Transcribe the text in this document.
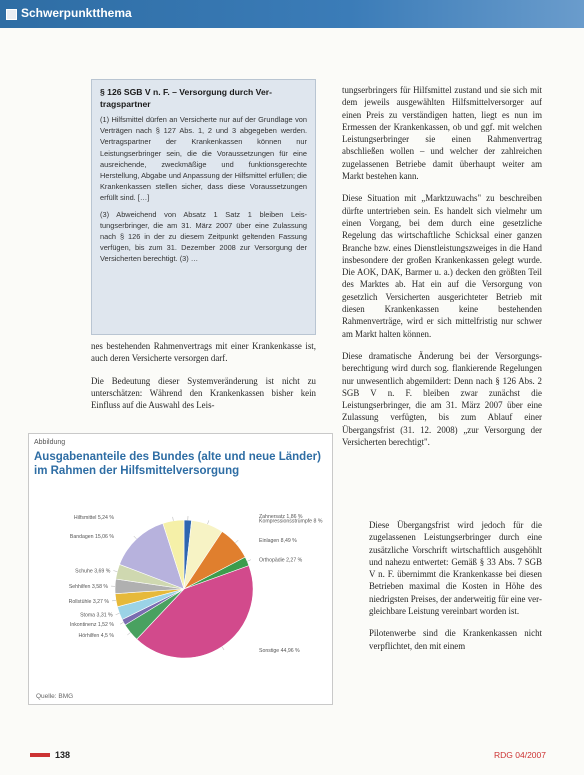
Schwerpunktthema
§ 126 SGB V n. F. – Versorgung durch Vertragspartner

(1) Hilfsmittel dürfen an Versicherte nur auf der Grundlage von Verträgen nach § 127 Abs. 1, 2 und 3 abgegeben werden. Vertragspartner der Krankenkassen können nur Leistungserbringer sein, die die Voraussetzungen für eine ausreichende, zweckmäßige und funktionsgerechte Herstellung, Abgabe und Anpassung der Hilfsmittel erfüllen; die Krankenkassen stellen sicher, dass diese Voraussetzungen erfüllt sind. […]

(3) Abweichend von Absatz 1 Satz 1 bleiben Leistungserbringer, die am 31. März 2007 über eine Zulassung nach § 126 in der zu diesem Zeitpunkt geltenden Fassung verfügen, bis zum 31. Dezember 2008 zur Versorgung der Versicherten berechtigt. (3) …

nes bestehenden Rahmenvertrags mit einer Krankenkasse ist, auch deren Versicherte versorgen darf.

Die Bedeutung dieser Systemveränderung ist nicht zu unterschätzen: Während den Krankenkassen bisher kein Einfluss auf die Auswahl des Leis-

tungserbringers für Hilfsmittel zustand und sie sich mit dem jeweils ausgewählten Hilfsmittelversorger auf einen Preis zu verständigen hatten, liegt es nun im Ermessen der Krankenkassen, ob und ggf. mit welchen Leistungserbringer sie einen Rahmenvertrag abschließen wollen – und welcher der zahlreichen zugelassenen Betriebe damit überhaupt weiter am Markt bestehen kann.

Diese Situation mit „Marktzuwachs" zu beschreiben dürfte untertrieben sein. Es handelt sich vielmehr um einen Vorgang, bei dem durch eine gesetzliche Regelung das wirtschaftliche Schicksal einer ganzen Branche bzw. eines Dienstleistungszweiges in die Hand insbesondere der großen Krankenkassen gelegt wurde. Die AOK, DAK, Barmer u. a.) decken den größten Teil des Marktes ab. Hat ein auf die Versorgung von gesetzlich Versicherten ausgerichteter Betrieb mit diesen Krankenkassen keine bestehenden Rahmenverträge, wird er sich mittelfristig nur schwer am Markt halten können.

Diese dramatische Änderung bei der Versorgungsberechtigung wird durch sog. flankierende Regelungen nur unwesentlich abgemildert: Denn nach § 126 Abs. 2 SGB V n. F. bleiben zwar zunächst die Leistungserbringer, die am 31. März 2007 über eine Zulassung verfügten, bis zum Ablauf einer Übergangsfrist (31. 12. 2008) „zur Versorgung der Versicherten berechtigt".

Diese Übergangsfrist wird jedoch für die zugelassenen Leistungserbringer durch eine zusätzliche Vorschrift wirtschaftlich ausgehöhlt und nahezu entwertet: Gemäß § 33 Abs. 7 SGB V n. F. übernimmt die Krankenkasse bei diesen Betrieben maximal die Kosten in Höhe des niedrigsten Preises, der anderweitig für eine vergleichbare Leistung vereinbart worden ist.

Pilotenwerbe sind die Krankenkassen nicht verpflichtet, den mit einem

Abbildung
Ausgabenanteile des Bundes (alte und neue Länder) im Rahmen der Hilfsmittelversorgung
Zahnersatz 1,86 %
Kompressionsstrümpfe 8 %
Einlagen 8,49 %
Orthopädie 2,27 %
Sonstige 44,96 %
Hörhilfen 4,5 %
Inkontinenz 1,52 %
Stoma 3,31 %
Rollstühle 3,27 %
Sehhilfen 3,58 %
Schuhe 3,69 %
Bandagen 15,06 %
Hilfsmittel 5,24 %
Quelle: BMG
138	RDG 04/2007
